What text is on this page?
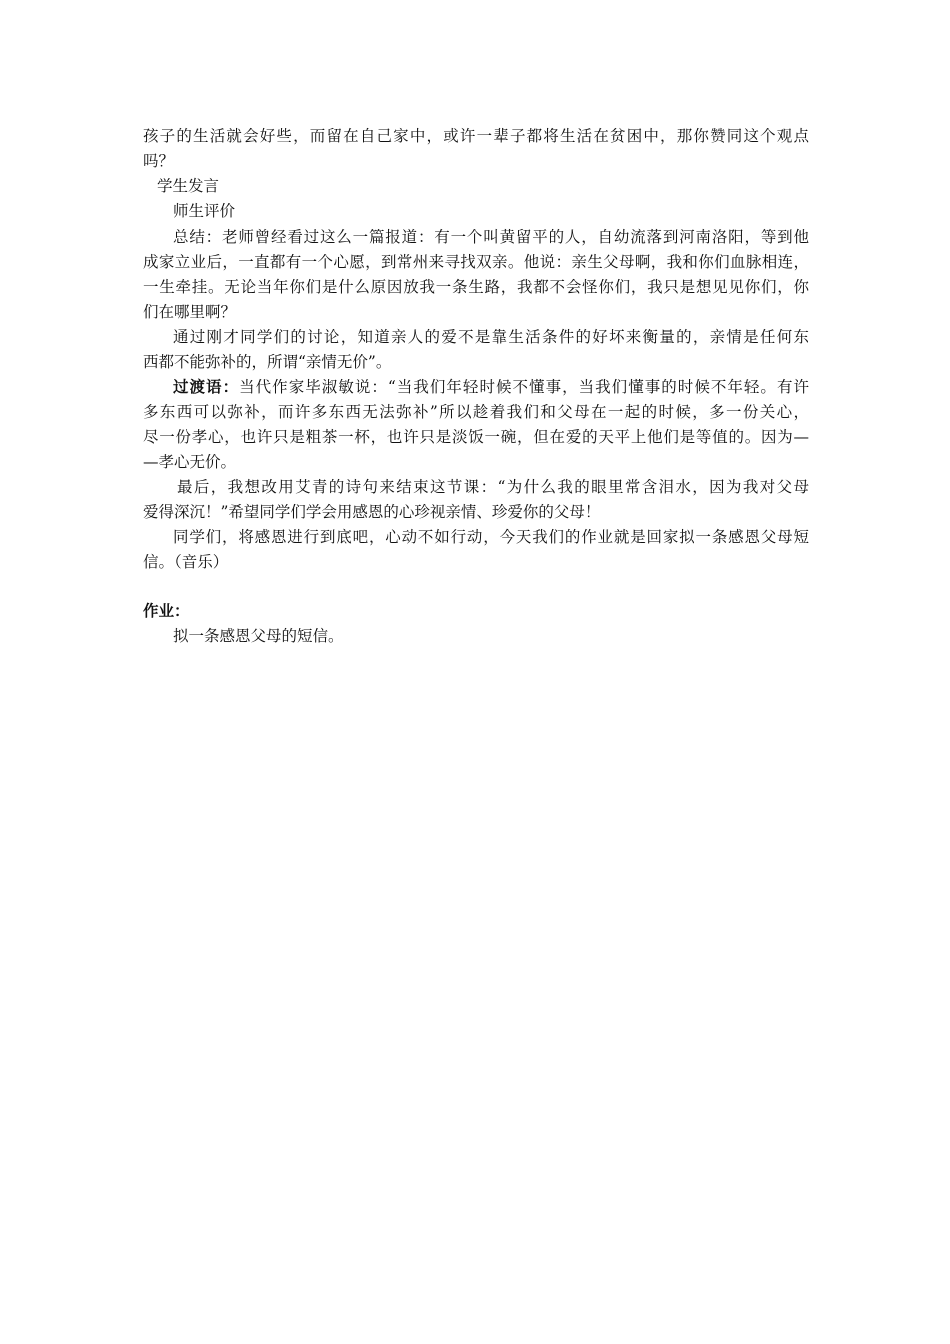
孩子的生活就会好些，而留在自己家中，或许一辈子都将生活在贫困中，那你赞同这个观点
吗？
学生发言
师生评价
总结：老师曾经看过这么一篇报道：有一个叫黄留平的人，自幼流落到河南洛阳，等到他
成家立业后，一直都有一个心愿，到常州来寻找双亲。他说：亲生父母啊，我和你们血脉相连，
一生牵挂。无论当年你们是什么原因放我一条生路，我都不会怪你们，我只是想见见你们，你
们在哪里啊？
通过刚才同学们的讨论，知道亲人的爱不是靠生活条件的好坏来衡量的，亲情是任何东
西都不能弥补的，所谓“亲情无价”。
过渡语：当代作家毕淑敏说：“当我们年轻时候不懂事，当我们懂事的时候不年轻。有许
多东西可以弥补，而许多东西无法弥补”所以趁着我们和父母在一起的时候，多一份关心，
尽一份孝心，也许只是粗茶一杯，也许只是淡饭一碗，但在爱的天平上他们是等值的。因为—
—孝心无价。
最后，我想改用艾青的诗句来结束这节课：“为什么我的眼里常含泪水，因为我对父母
爱得深沉！”希望同学们学会用感恩的心珍视亲情、珍爱你的父母！
同学们，将感恩进行到底吧，心动不如行动，今天我们的作业就是回家拟一条感恩父母短
信。（音乐）
作业：
拟一条感恩父母的短信。
